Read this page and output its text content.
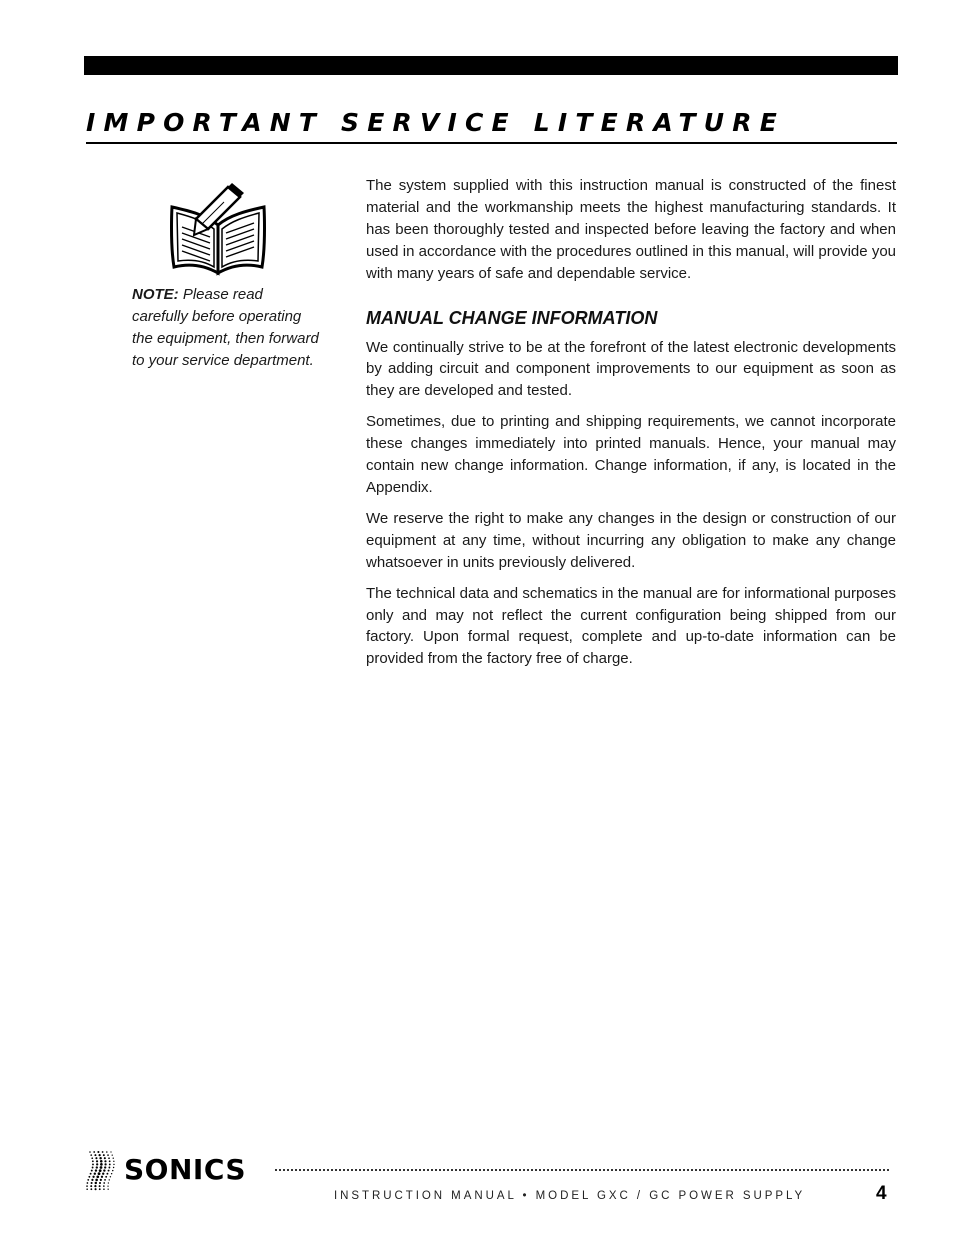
IMPORTANT SERVICE LITERATURE

NOTE: Please read carefully before operating the equipment, then forward to your service department.

The system supplied with this instruction manual is constructed of the finest material and the workmanship meets the highest manufacturing standards. It has been thoroughly tested and inspected before leaving the factory and when used in accordance with the procedures outlined in this manual, will provide you with many years of safe and dependable service.

MANUAL CHANGE INFORMATION

We continually strive to be at the forefront of the latest electronic developments by adding circuit and component improvements to our equipment as soon as they are developed and tested.

Sometimes, due to printing and shipping requirements, we cannot incorporate these changes immediately into printed manuals. Hence, your manual may contain new change information. Change information, if any, is located in the Appendix.

We reserve the right to make any changes in the design or construction of our equipment at any time, without incurring any obligation to make any change whatsoever in units previously delivered.

The technical data and schematics in the manual are for informational purposes only and may not reflect the current configuration being shipped from our factory. Upon formal request, complete and up-to-date information can be provided from the factory free of charge.

SONICS

INSTRUCTION MANUAL • MODEL GXC / GC POWER SUPPLY	4
